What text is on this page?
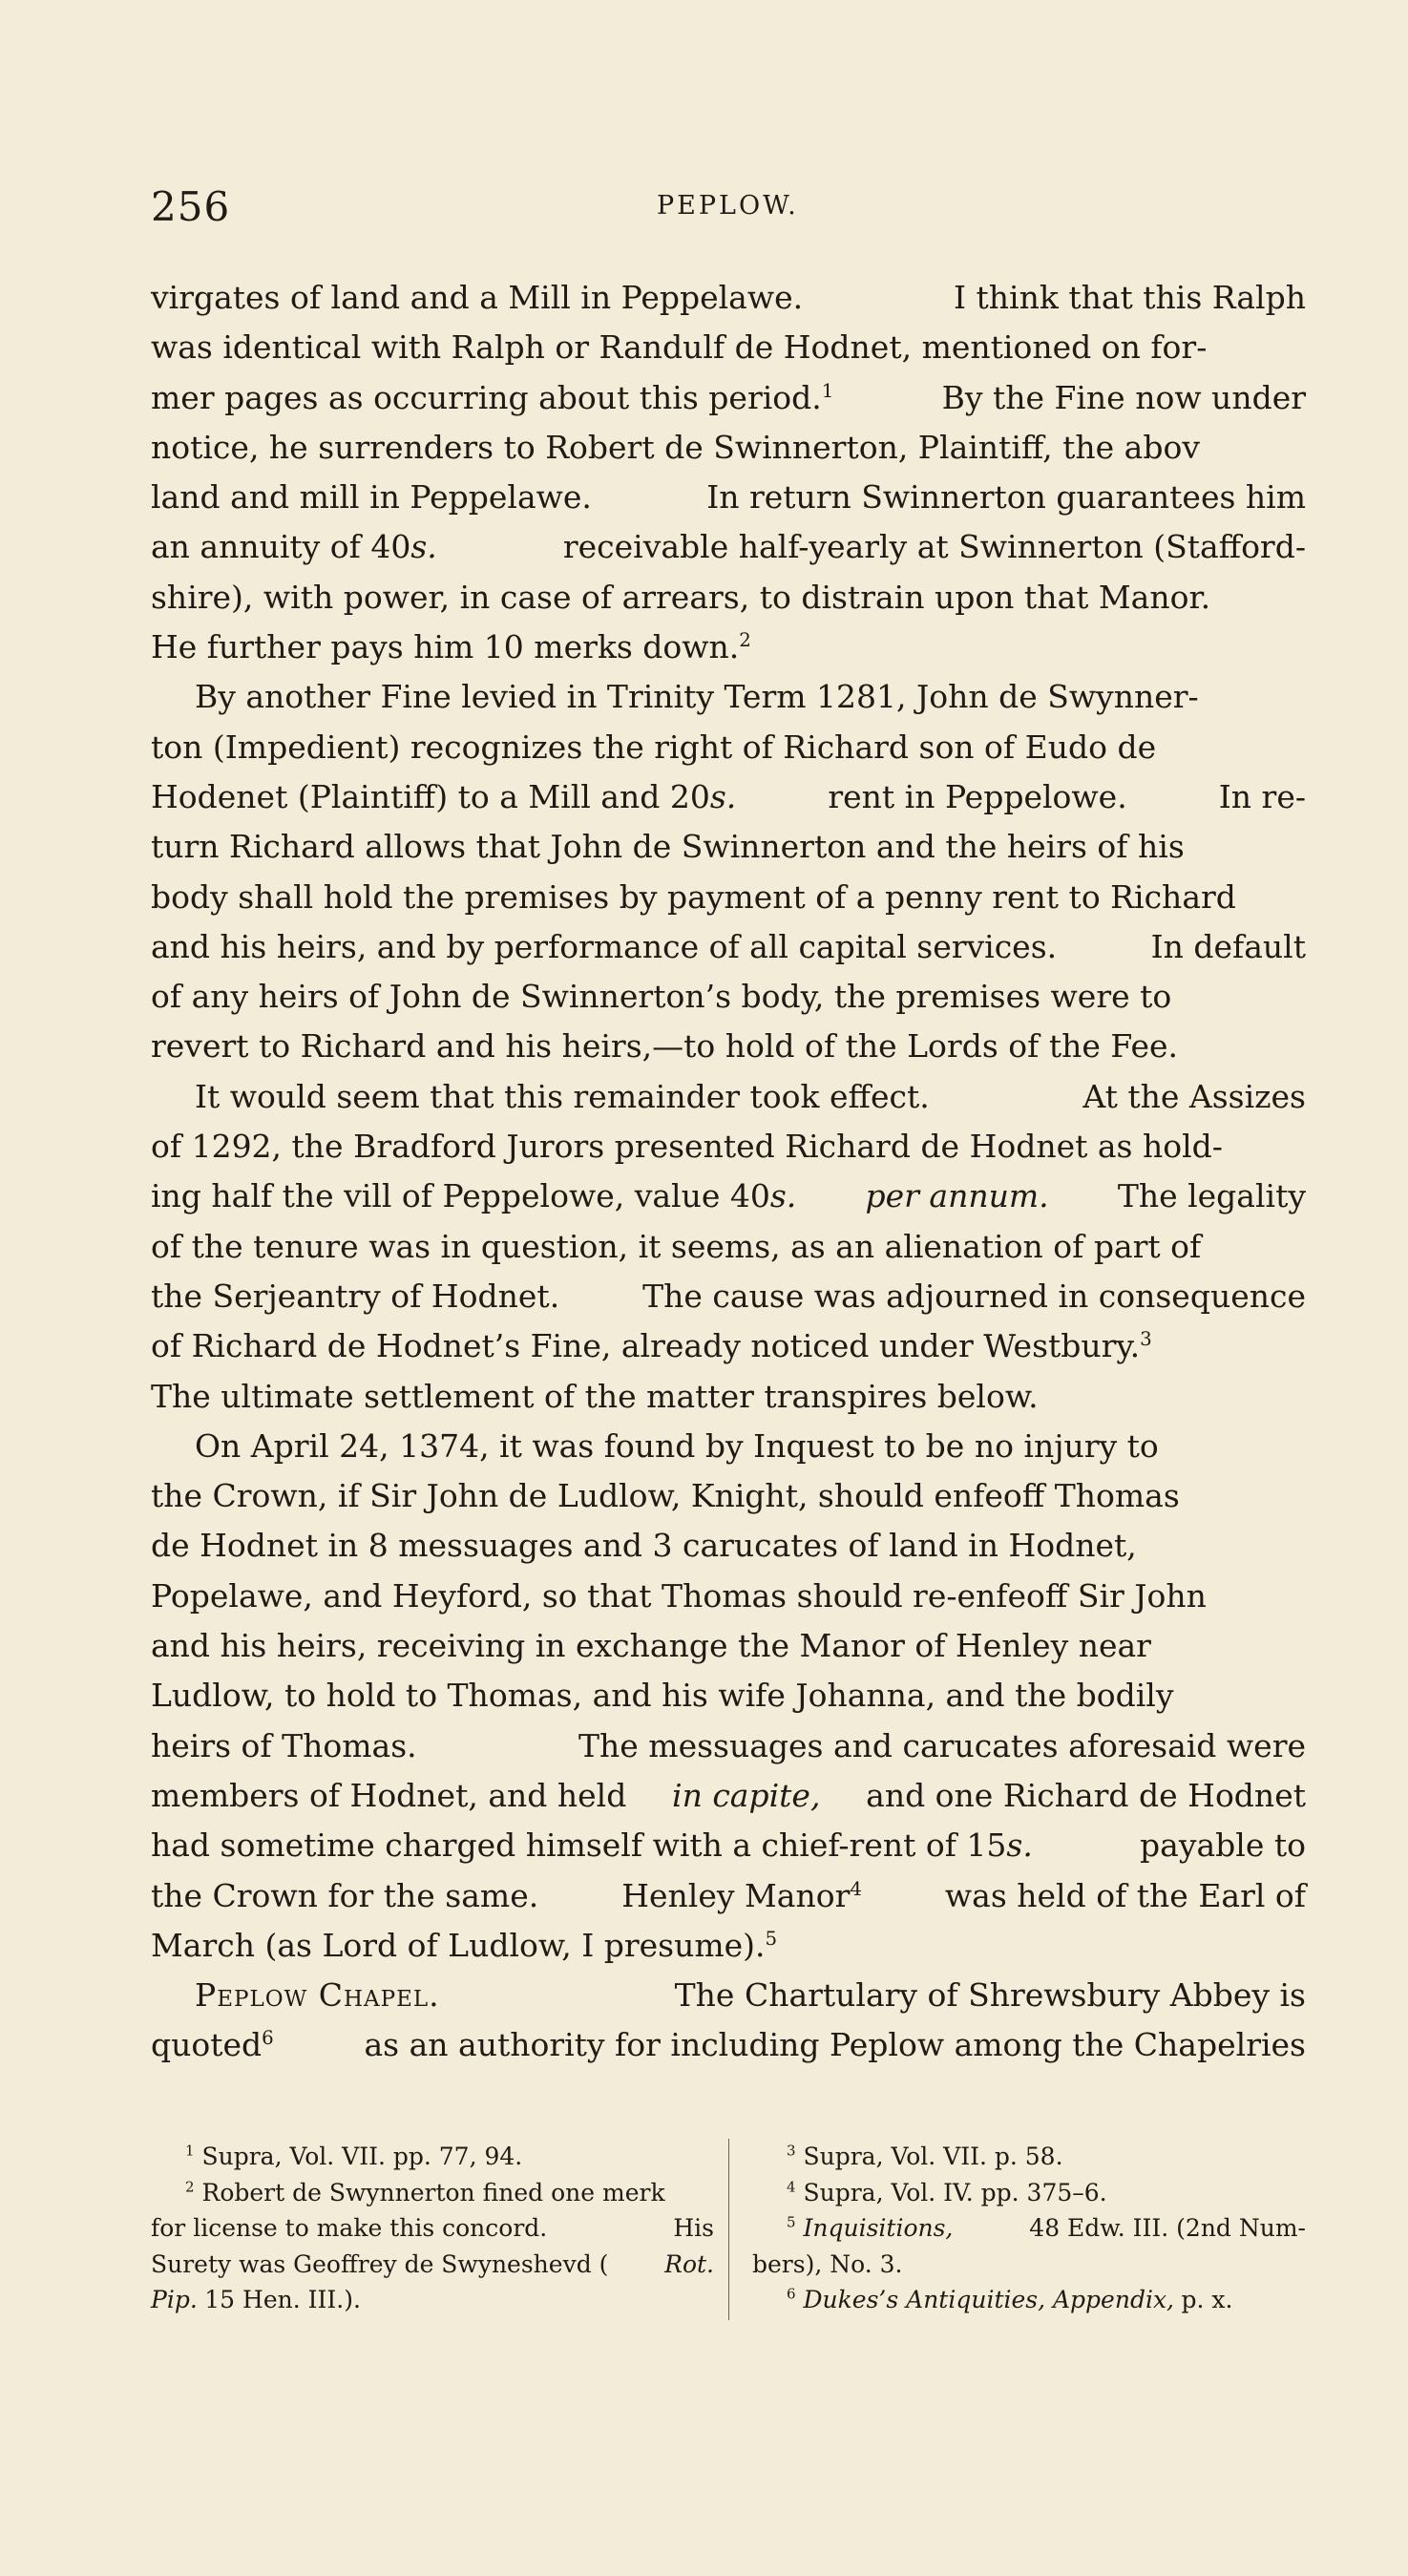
256	PEPLOW.
virgates of land and a Mill in Peppelawe.	I think that this Ralph
was identical with Ralph or Randulf de Hodnet, mentioned on for-
mer pages as occurring about this period.$^1$	By the Fine now under
notice, he surrenders to Robert de Swinnerton, Plaintiff, the abov
land and mill in Peppelawe.	In return Swinnerton guarantees him
an annuity of 40s.	receivable half-yearly at Swinnerton (Stafford-
shire), with power, in case of arrears, to distrain upon that Manor.
He further pays him 10 merks down.$^2$
By another Fine levied in Trinity Term 1281, John de Swynner-
ton (Impedient) recognizes the right of Richard son of Eudo de
Hodenet (Plaintiff) to a Mill and 20s.	rent in Peppelowe.	In re-
turn Richard allows that John de Swinnerton and the heirs of his
body shall hold the premises by payment of a penny rent to Richard
and his heirs, and by performance of all capital services.	In default
of any heirs of John de Swinnerton’s body, the premises were to
revert to Richard and his heirs,—to hold of the Lords of the Fee.
It would seem that this remainder took effect.	At the Assizes
of 1292, the Bradford Jurors presented Richard de Hodnet as hold-
ing half the vill of Peppelowe, value 40s. per annum. The legality
of the tenure was in question, it seems, as an alienation of part of
the Serjeantry of Hodnet.	The cause was adjourned in consequence
of Richard de Hodnet’s Fine, already noticed under Westbury.$^3$
The ultimate settlement of the matter transpires below.
On April 24, 1374, it was found by Inquest to be no injury to
the Crown, if Sir John de Ludlow, Knight, should enfeoff Thomas
de Hodnet in 8 messuages and 3 carucates of land in Hodnet,
Popelawe, and Heyford, so that Thomas should re-enfeoff Sir John
and his heirs, receiving in exchange the Manor of Henley near
Ludlow, to hold to Thomas, and his wife Johanna, and the bodily
heirs of Thomas.	The messuages and carucates aforesaid were
members of Hodnet, and held in capite, and one Richard de Hodnet
had sometime charged himself with a chief-rent of 15s.	payable to
the Crown for the same.	Henley Manor$^4$	was held of the Earl of
March (as Lord of Ludlow, I presume).$^5$
Peplow Chapel.	The Chartulary of Shrewsbury Abbey is
quoted$^6$	as an authority for including Peplow among the Chapelries
$^1$ Supra, Vol. VII. pp. 77, 94.
$^2$ Robert de Swynnerton fined one merk
for license to make this concord.	His
Surety was Geoffrey de Swyneshevd ( Rot.
Pip. 15 Hen. III.).
$^3$ Supra, Vol. VII. p. 58.
$^4$ Supra, Vol. IV. pp. 375–6.
$^5$ Inquisitions,	48 Edw. III. (2nd Num-
bers), No. 3.
$^6$ Dukes’s Antiquities, Appendix, p. x.
